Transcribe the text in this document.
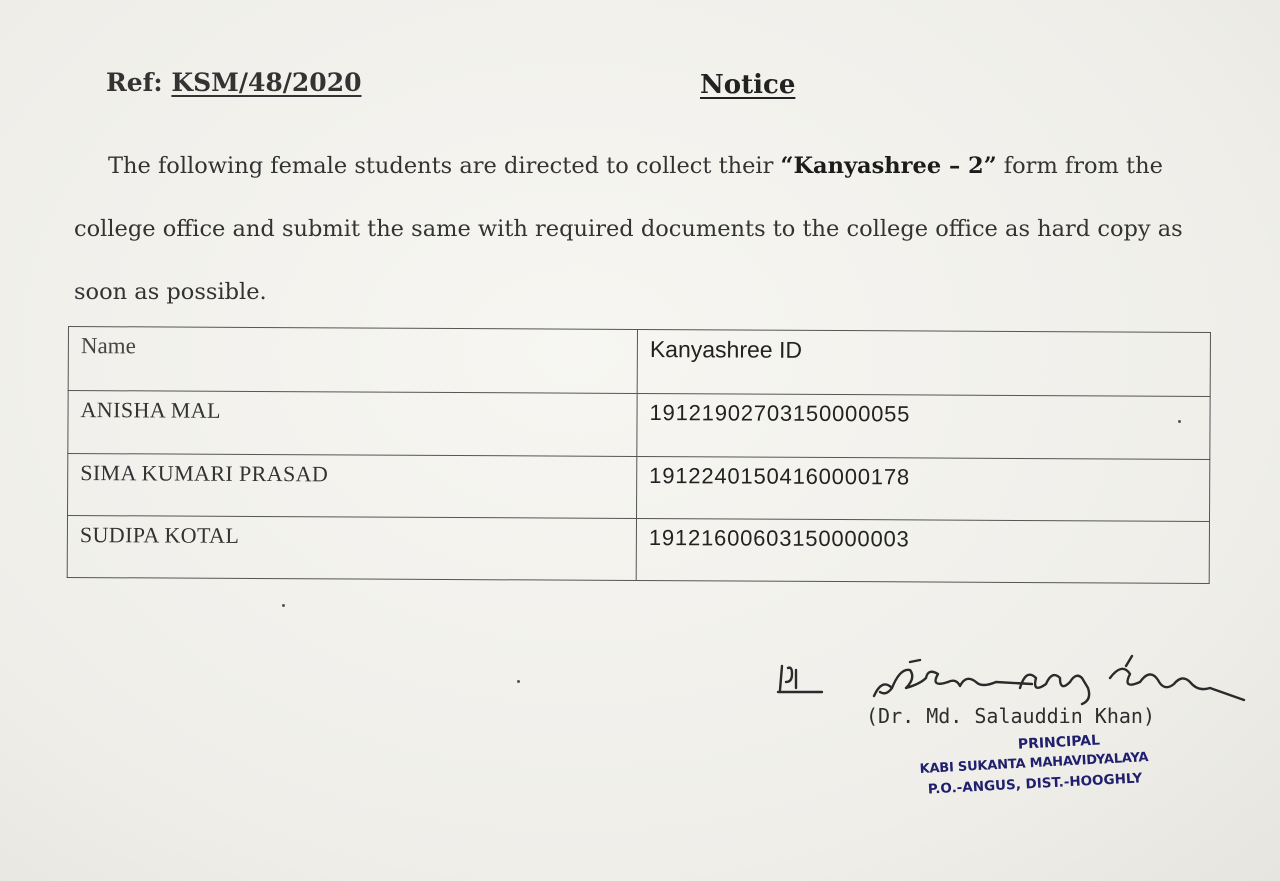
Ref: KSM/48/2020	Notice
The following female students are directed to collect their “Kanyashree – 2” form from the college office and submit the same with required documents to the college office as hard copy as soon as possible.
Name	Kanyashree ID
ANISHA MAL	19121902703150000055
SIMA KUMARI PRASAD	19122401504160000178
SUDIPA KOTAL	19121600603150000003
(Dr. Md. Salauddin Khan)
PRINCIPAL
KABI SUKANTA MAHAVIDYALAYA
P.O.-ANGUS, DIST.-HOOGHLY
